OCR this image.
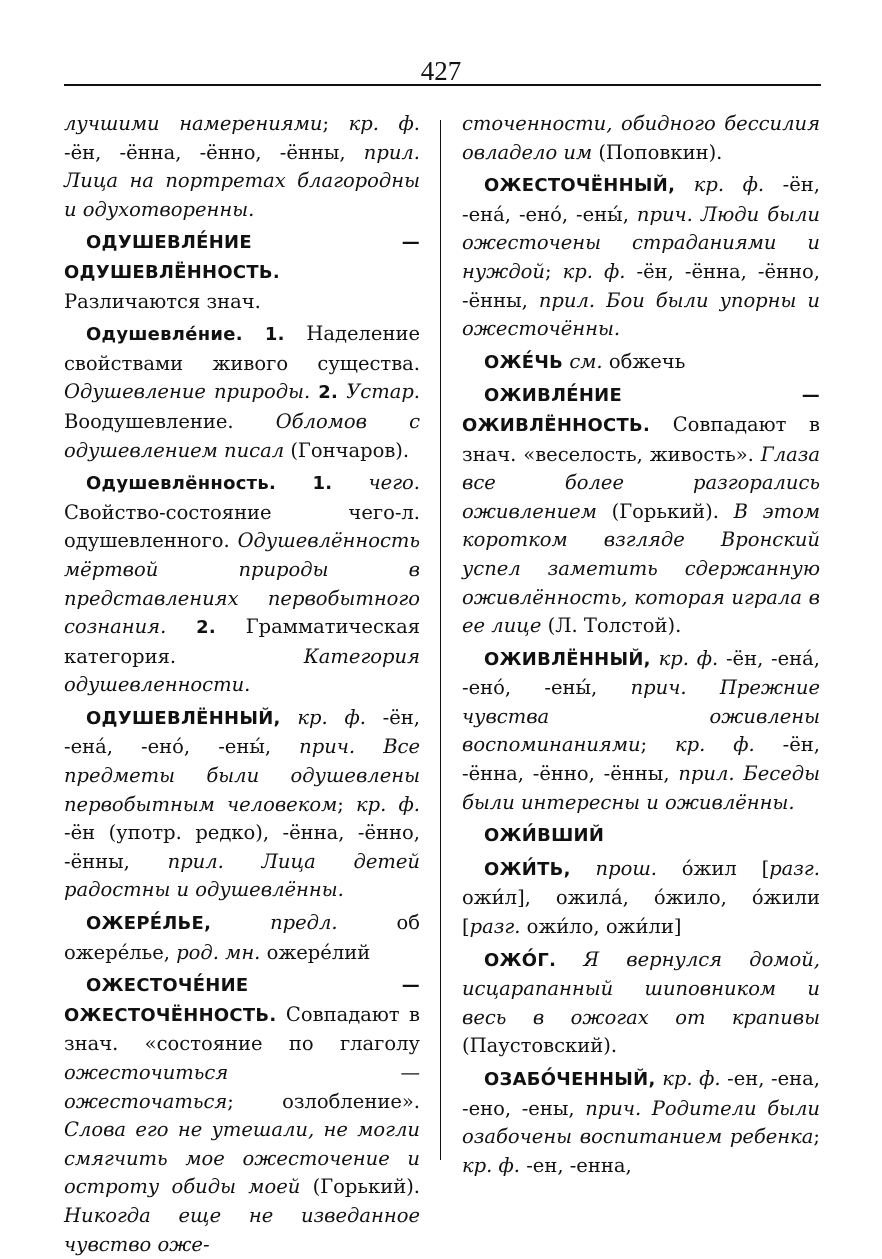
427

лучшими намерениями; кр. ф. -ён, -ённа, -ённо, -ённы, прил. Лица на портретах благородны и одухотворенны.

ОДУШЕВЛЕ́НИЕ — ОДУШЕВЛЁННОСТЬ. Различаются знач.

Одушевле́ние. 1. Наделение свойствами живого существа. Одушевление природы. 2. Устар. Воодушевление. Обломов с одушевлением писал (Гончаров).

Одушевлённость. 1. чего. Свойство-состояние чего-л. одушевленного. Одушевлённость мёртвой природы в представлениях первобытного сознания. 2. Грамматическая категория. Категория одушевленности.

ОДУШЕВЛЁННЫЙ, кр. ф. -ён, -ена́, -ено́, -ены́, прич. Все предметы были одушевлены первобытным человеком; кр. ф. -ён (употр. редко), -ённа, -ённо, -ённы, прил. Лица детей радостны и одушевлённы.

ОЖЕРЕ́ЛЬЕ,	предл. об ожере́лье, род. мн. ожере́лий

ОЖЕСТОЧЕ́НИЕ — ОЖЕСТОЧЁННОСТЬ. Совпадают в знач. «состояние по глаголу ожесточиться — ожесточаться; озлобление». Слова его не утешали, не могли смягчить мое ожесточение и остроту обиды моей (Горький). Никогда еще не изведанное чувство оже-

сточенности, обидного бессилия овладело им (Поповкин).

ОЖЕСТОЧЁННЫЙ, кр. ф. -ён, -ена́, -ено́, -ены́, прич. Люди были ожесточены страданиями и нуждой; кр. ф. -ён, -ённа, -ённо, -ённы, прил. Бои были упорны и ожесточённы.

ОЖЕ́ЧЬ см. обжечь

ОЖИВЛЕ́НИЕ — ОЖИВЛЁННОСТЬ. Совпадают в знач. «веселость, живость». Глаза все более разгорались оживлением (Горький). В этом коротком взгляде Вронский успел заметить сдержанную оживлённость, которая играла в ее лице (Л. Толстой).

ОЖИВЛЁННЫЙ, кр. ф. -ён, -ена́, -ено́, -ены́, прич. Прежние чувства оживлены воспоминаниями; кр. ф. -ён, -ённа, -ённо, -ённы, прил. Беседы были интересны и оживлённы.

ОЖИ́ВШИЙ

ОЖИ́ТЬ, прош. о́жил [разг. ожи́л], ожила́, о́жило, о́жили [разг. ожи́ло, ожи́ли]

ОЖО́Г. Я вернулся домой, исцарапанный шиповником и весь в ожогах от крапивы (Паустовский).

ОЗАБО́ЧЕННЫЙ, кр. ф. -ен, -ена, -ено, -ены, прич. Родители были озабочены воспитанием ребенка; кр. ф. -ен, -енна,
